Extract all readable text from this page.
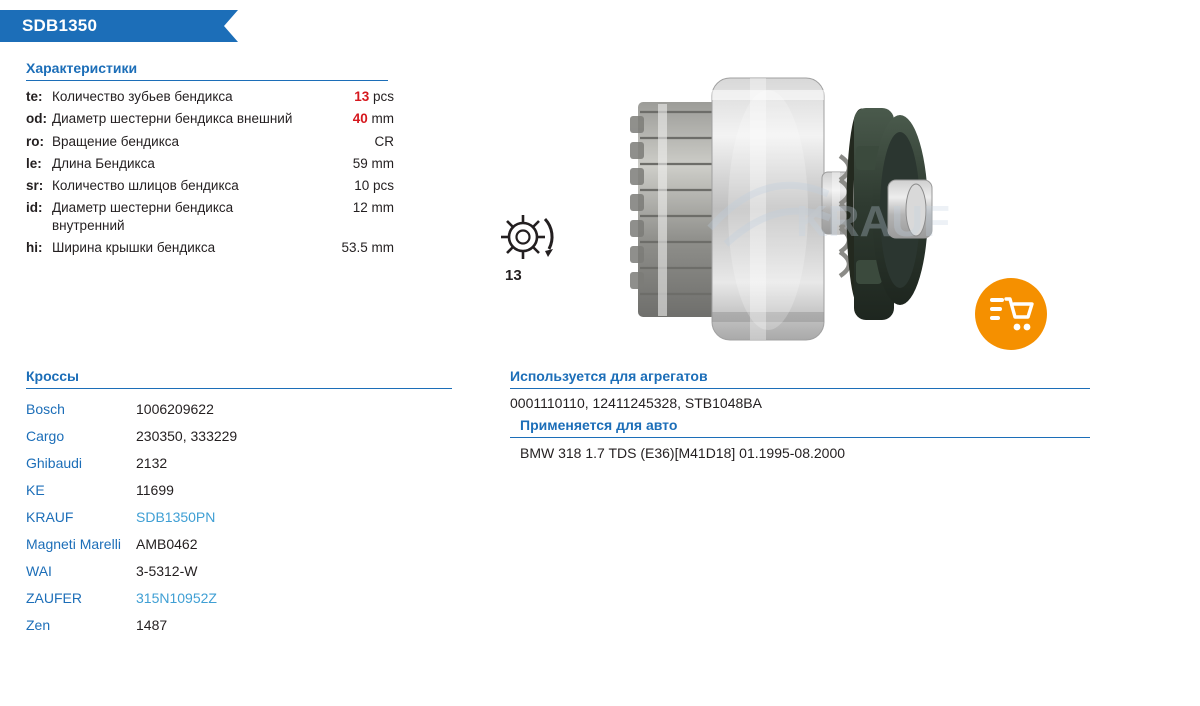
SDB1350
Характеристики
te:	Количество зубьев бендикса	13 pcs
od:	Диаметр шестерни бендикса внешний	40 mm
ro:	Вращение бендикса	CR
le:	Длина Бендикса	59 mm
sr:	Количество шлицов бендикса	10 pcs
id:	Диаметр шестерни бендикса внутренний	12 mm
hi:	Ширина крышки бендикса	53.5 mm
13
KRAUF
Кроссы
Bosch	1006209622
Cargo	230350, 333229
Ghibaudi	2132
KE	11699
KRAUF	SDB1350PN
Magneti Marelli	AMB0462
WAI	3-5312-W
ZAUFER	315N10952Z
Zen	1487
Используется для агрегатов
0001110110, 12411245328, STB1048BA
Применяется для авто
BMW 318 1.7 TDS (E36)[M41D18] 01.1995-08.2000
